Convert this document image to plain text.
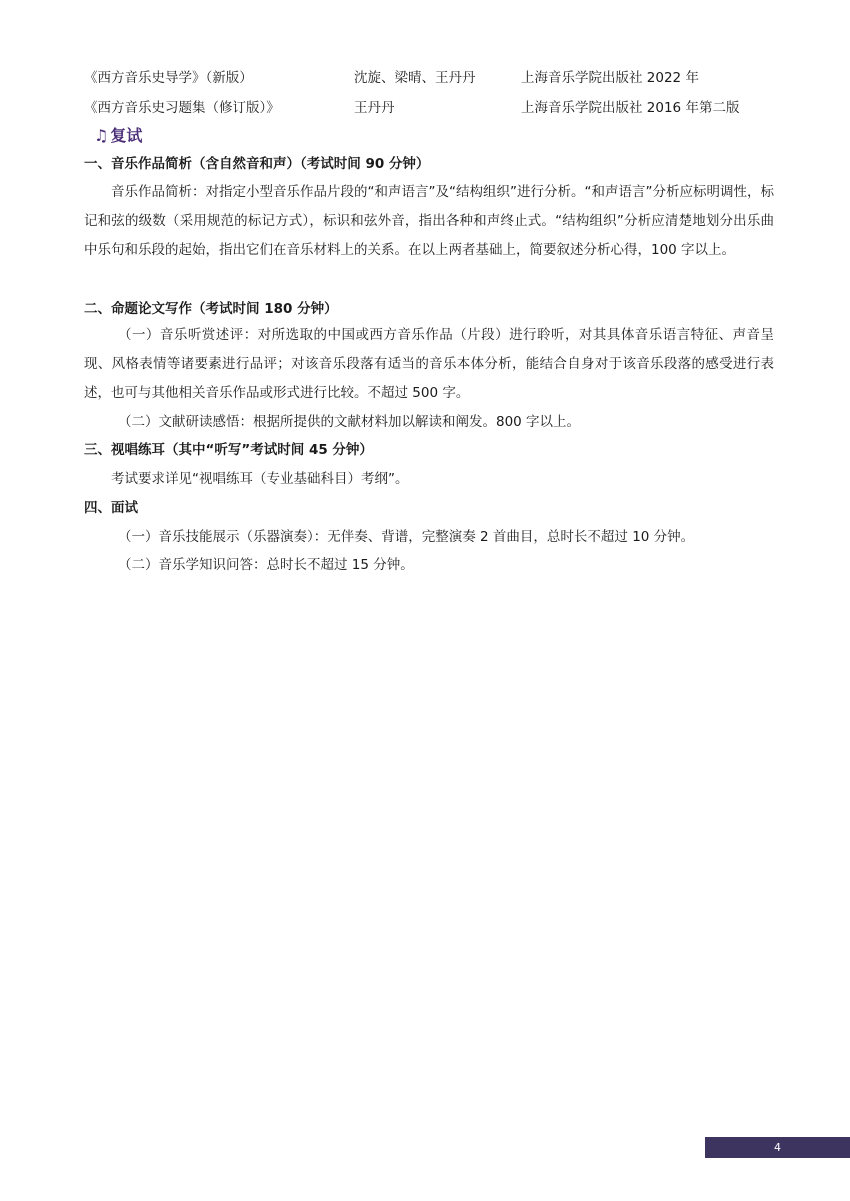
《西方音乐史导学》（新版）	沈旋、梁晴、王丹丹	上海音乐学院出版社 2022 年
《西方音乐史习题集（修订版）》	王丹丹	上海音乐学院出版社 2016 年第二版
♫ 复试
一、音乐作品简析（含自然音和声）（考试时间 90 分钟）
音乐作品简析：对指定小型音乐作品片段的“和声语言”及“结构组织”进行分析。“和声语言”分析应标明调性，标记和弦的级数（采用规范的标记方式），标识和弦外音，指出各种和声终止式。“结构组织”分析应清楚地划分出乐曲中乐句和乐段的起始，指出它们在音乐材料上的关系。在以上两者基础上，简要叙述分析心得，100 字以上。
二、命题论文写作（考试时间 180 分钟）
（一）音乐听赏述评：对所选取的中国或西方音乐作品（片段）进行聆听，对其具体音乐语言特征、声音呈现、风格表情等诸要素进行品评；对该音乐段落有适当的音乐本体分析，能结合自身对于该音乐段落的感受进行表述，也可与其他相关音乐作品或形式进行比较。不超过 500 字。
（二）文献研读感悟：根据所提供的文献材料加以解读和阐发。800 字以上。
三、视唱练耳（其中“听写”考试时间 45 分钟）
考试要求详见“视唱练耳（专业基础科目）考纲”。
四、面试
（一）音乐技能展示（乐器演奏）：无伴奏、背谱，完整演奏 2 首曲目，总时长不超过 10 分钟。
（二）音乐学知识问答：总时长不超过 15 分钟。
4
